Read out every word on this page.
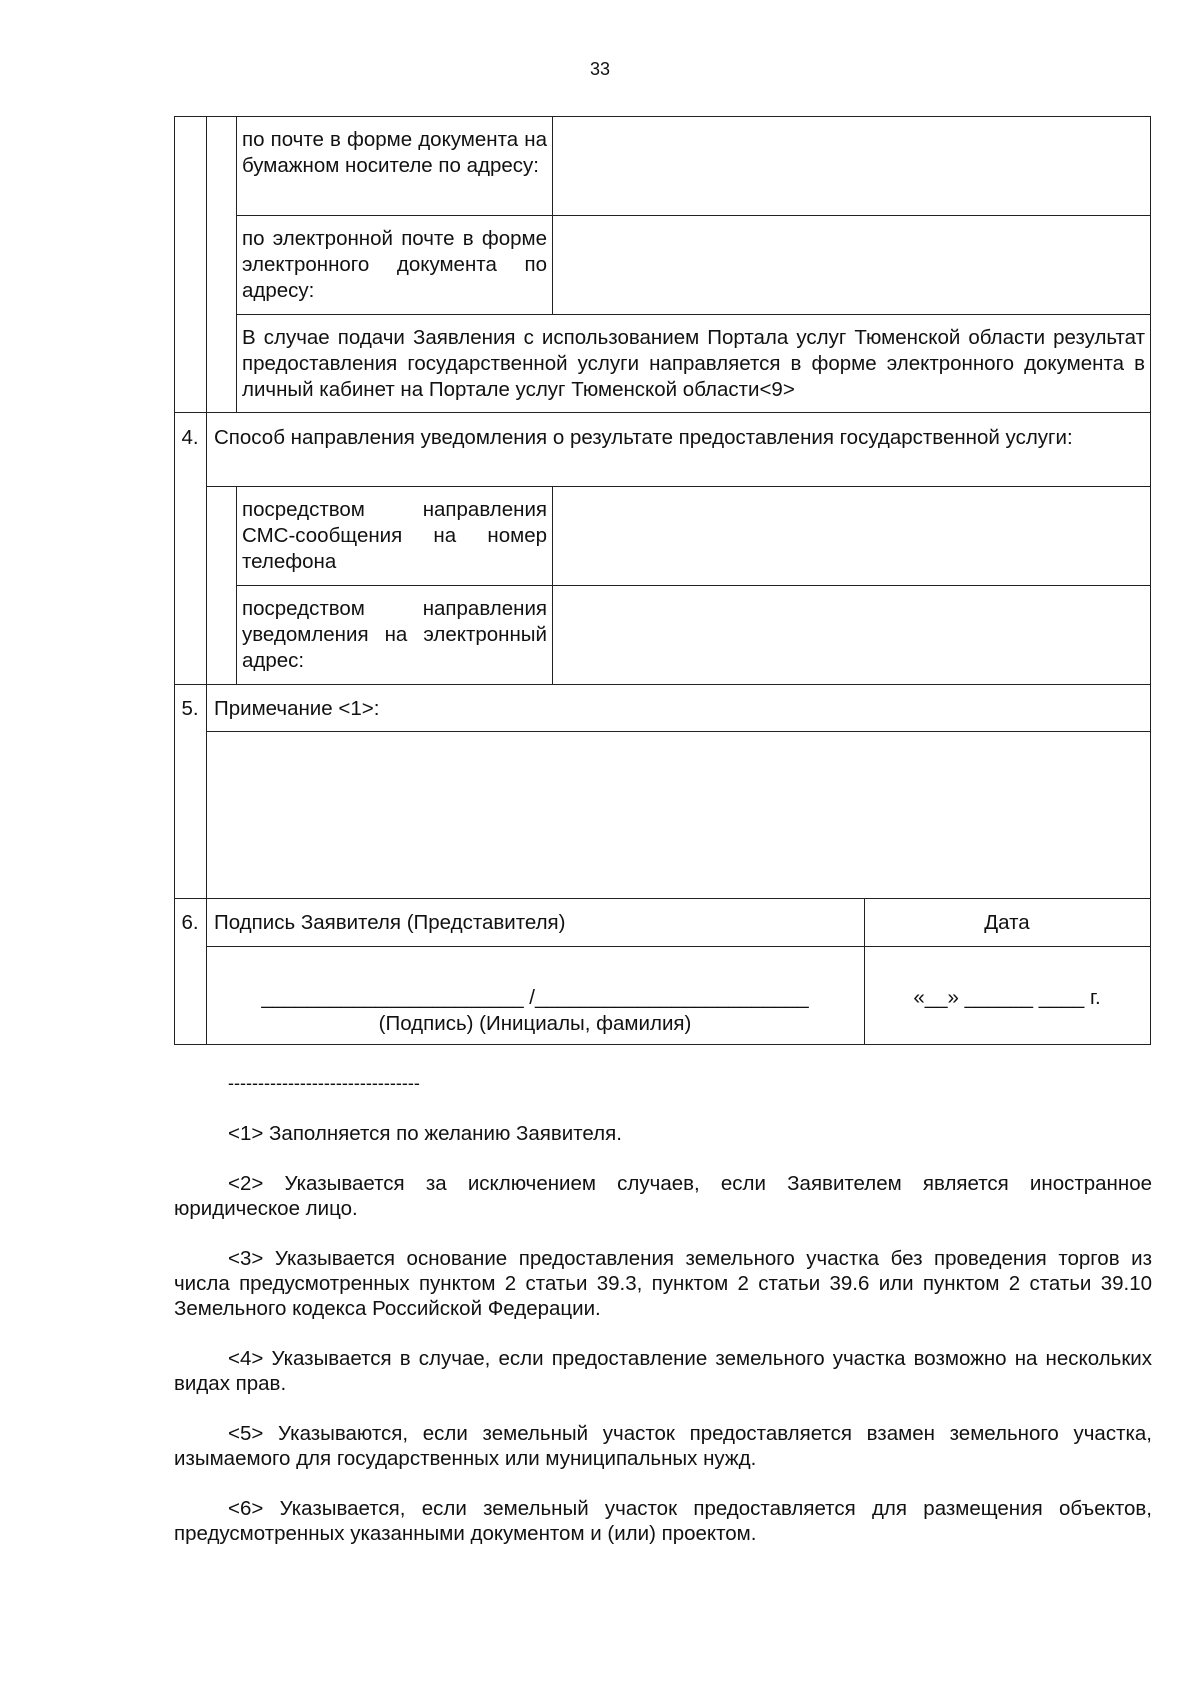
33
по почте в форме документа на бумажном носителе по адресу:
по электронной почте в форме электронного документа по адресу:
В случае подачи Заявления с использованием Портала услуг Тюменской области результат предоставления государственной услуги направляется в форме электронного документа в личный кабинет на Портале услуг Тюменской области<9>
4. Способ направления уведомления о результате предоставления государственной услуги:
посредством направления СМС-сообщения на номер телефона
посредством направления уведомления на электронный адрес:
5. Примечание <1>:
6. Подпись Заявителя (Представителя)	Дата
_______________________ /________________________
(Подпись) (Инициалы, фамилия)
«__» ______ ____ г.
--------------------------------
<1> Заполняется по желанию Заявителя.
<2> Указывается за исключением случаев, если Заявителем является иностранное юридическое лицо.
<3> Указывается основание предоставления земельного участка без проведения торгов из числа предусмотренных пунктом 2 статьи 39.3, пунктом 2 статьи 39.6 или пунктом 2 статьи 39.10 Земельного кодекса Российской Федерации.
<4> Указывается в случае, если предоставление земельного участка возможно на нескольких видах прав.
<5> Указываются, если земельный участок предоставляется взамен земельного участка, изымаемого для государственных или муниципальных нужд.
<6> Указывается, если земельный участок предоставляется для размещения объектов, предусмотренных указанными документом и (или) проектом.
